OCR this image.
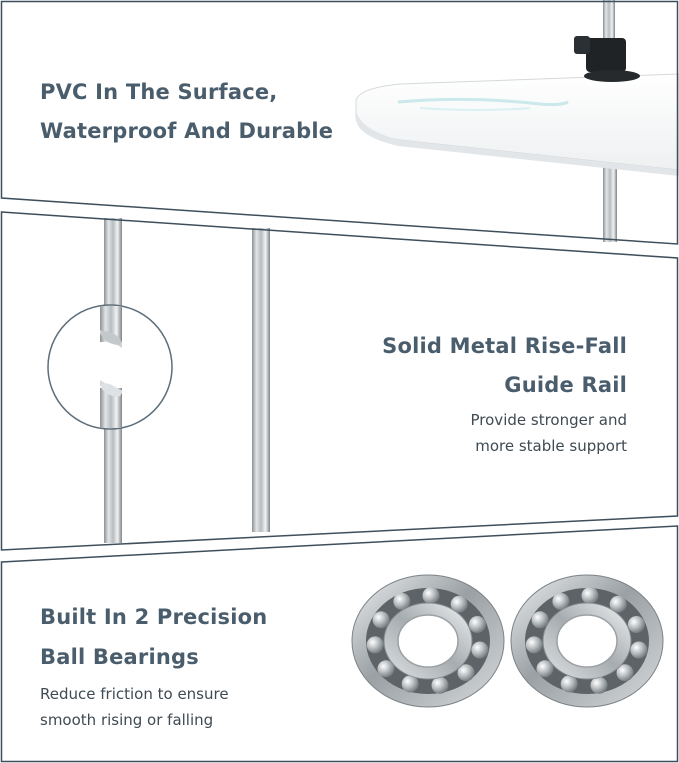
PVC In The Surface,
Waterproof And Durable
Solid Metal Rise-Fall
Guide Rail
Provide stronger and
more stable support
Built In 2 Precision
Ball Bearings
Reduce friction to ensure
smooth rising or falling
